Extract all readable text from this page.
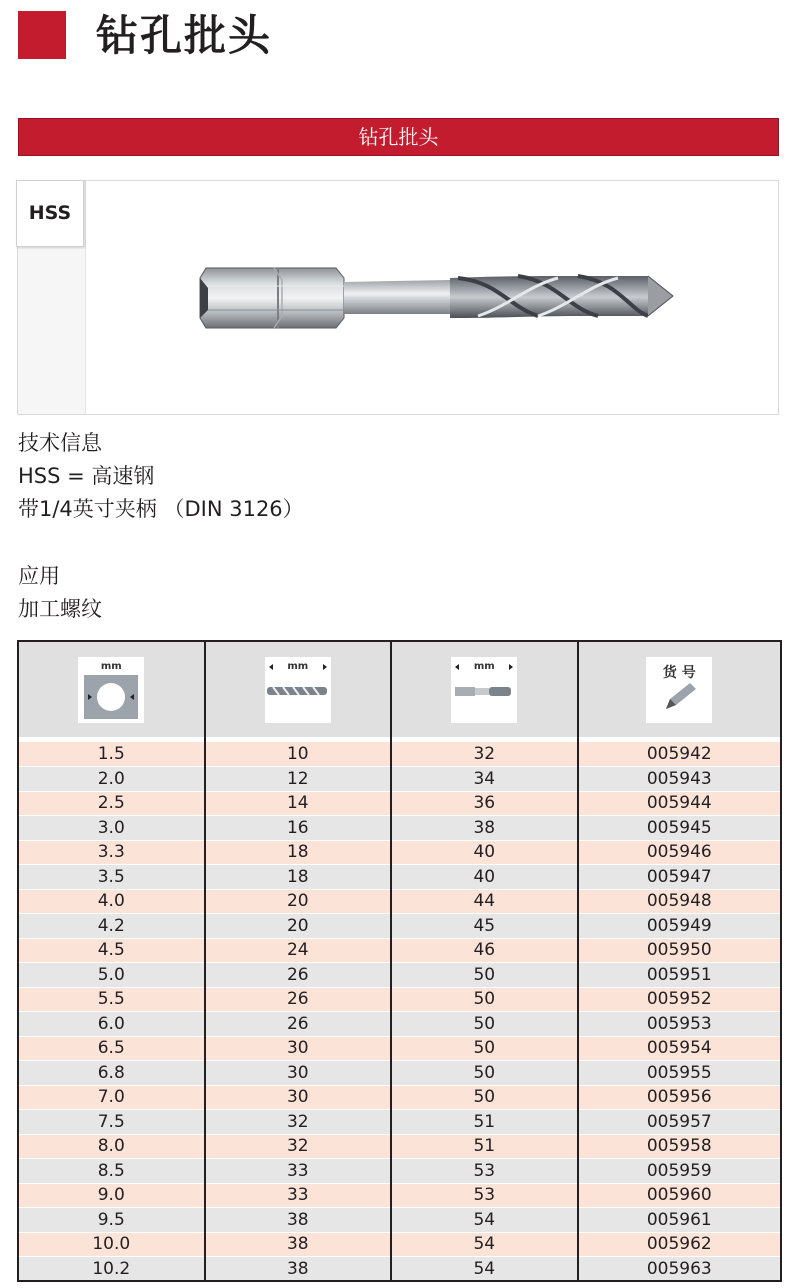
钻孔批头
钻孔批头
HSS
技术信息
HSS = 高速钢
带1/4英寸夹柄 （DIN 3126）
应用
加工螺纹
mm	mm	mm	货 号

1.5	10	32	005942
2.0	12	34	005943
2.5	14	36	005944
3.0	16	38	005945
3.3	18	40	005946
3.5	18	40	005947
4.0	20	44	005948
4.2	20	45	005949
4.5	24	46	005950
5.0	26	50	005951
5.5	26	50	005952
6.0	26	50	005953
6.5	30	50	005954
6.8	30	50	005955
7.0	30	50	005956
7.5	32	51	005957
8.0	32	51	005958
8.5	33	53	005959
9.0	33	53	005960
9.5	38	54	005961
10.0	38	54	005962
10.2	38	54	005963
